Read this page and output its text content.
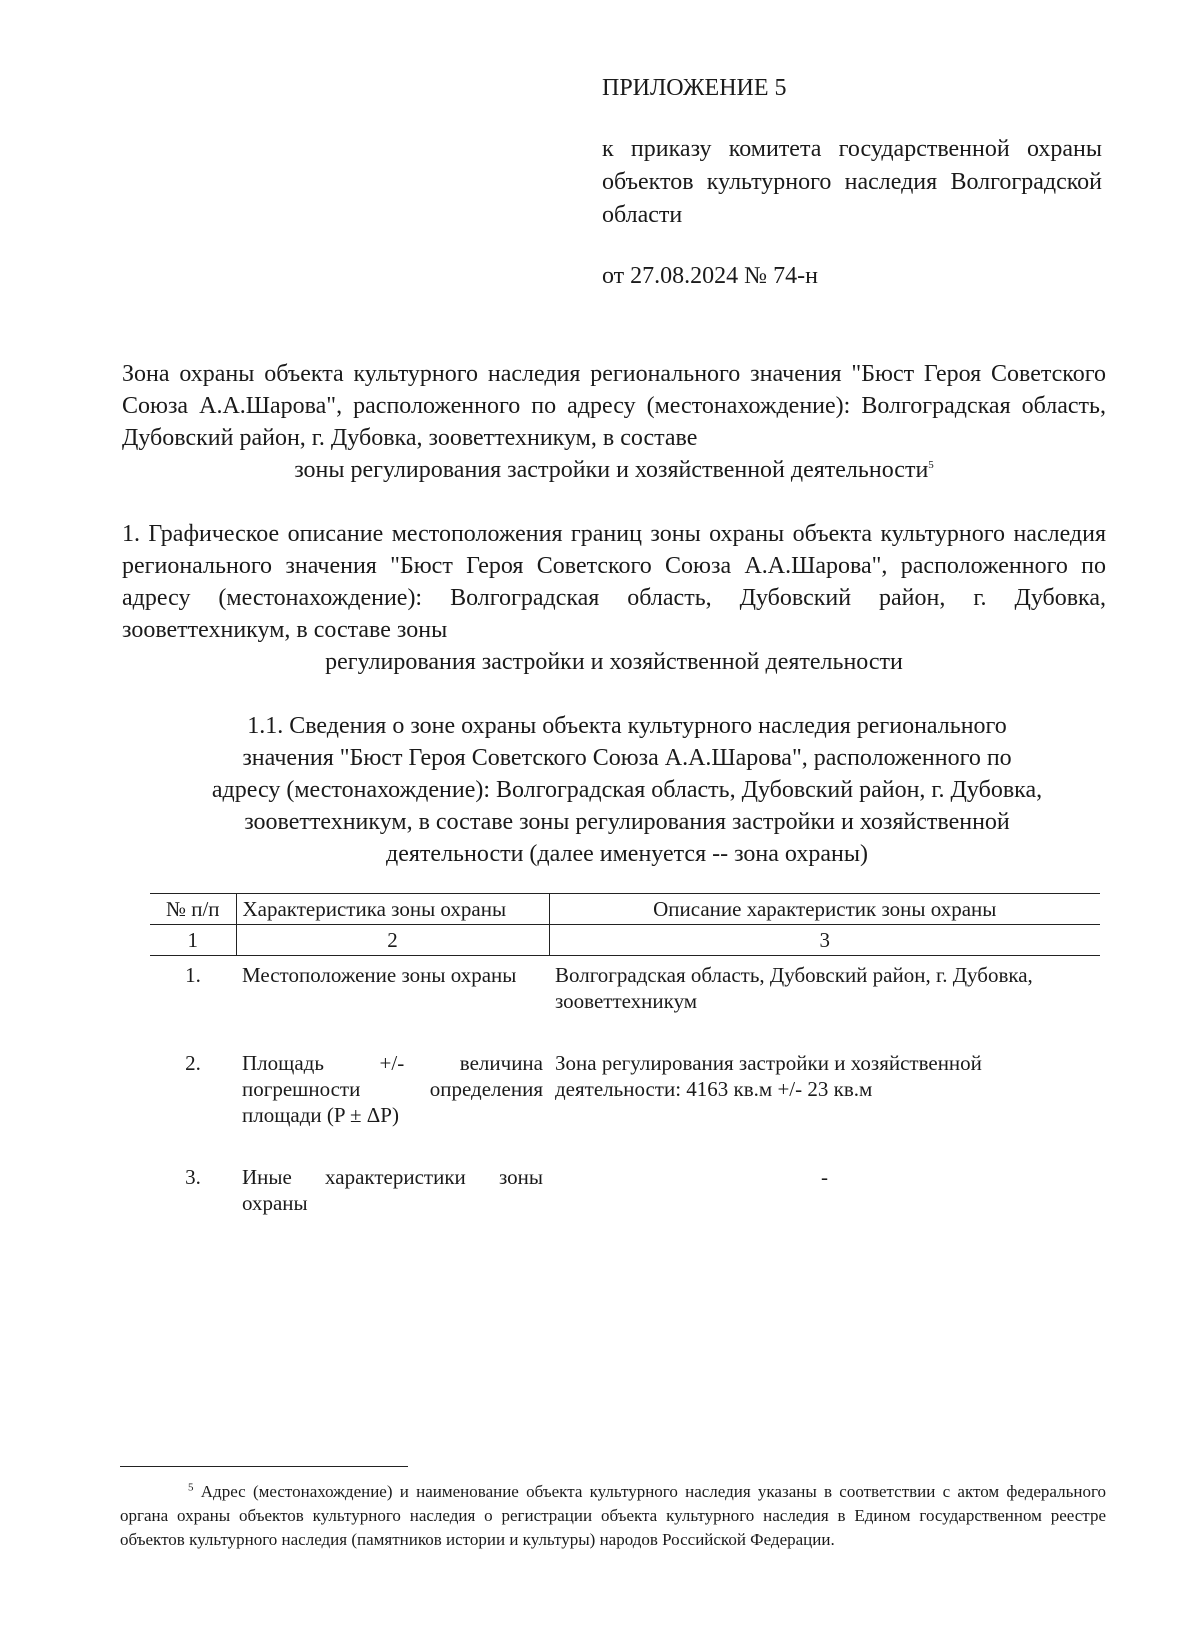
ПРИЛОЖЕНИЕ 5
к приказу комитета государственной охраны объектов культурного наследия Волгоградской области
от 27.08.2024 № 74-н
Зона охраны объекта культурного наследия регионального значения "Бюст Героя Советского Союза А.А.Шарова", расположенного по адресу (местонахождение): Волгоградская область, Дубовский район, г. Дубовка, зооветтехникум, в составе
зоны регулирования застройки и хозяйственной деятельности$^5$
1. Графическое описание местоположения границ зоны охраны объекта культурного наследия регионального значения "Бюст Героя Советского Союза А.А.Шарова", расположенного по адресу (местонахождение): Волгоградская область, Дубовский район, г. Дубовка, зооветтехникум, в составе зоны
регулирования застройки и хозяйственной деятельности
1.1. Сведения о зоне охраны объекта культурного наследия регионального
значения "Бюст Героя Советского Союза А.А.Шарова", расположенного по
адресу (местонахождение): Волгоградская область, Дубовский район, г. Дубовка,
зооветтехникум, в составе зоны регулирования застройки и хозяйственной
деятельности (далее именуется -- зона охраны)
№ п/п	Характеристика зоны охраны	Описание характеристик зоны охраны
1	2	3
1.	Местоположение зоны охраны	Волгоградская область, Дубовский район, г. Дубовка, зооветтехникум

2.	Площадь +/- величина погрешности определения площади (P ± ΔP)	Зона регулирования застройки и хозяйственной деятельности: 4163 кв.м +/- 23 кв.м

3.	Иные характеристики зоны охраны	-
$^5$ Адрес (местонахождение) и наименование объекта культурного наследия указаны в соответствии с актом федерального органа охраны объектов культурного наследия о регистрации объекта культурного наследия в Едином государственном реестре объектов культурного наследия (памятников истории и культуры) народов Российской Федерации.
